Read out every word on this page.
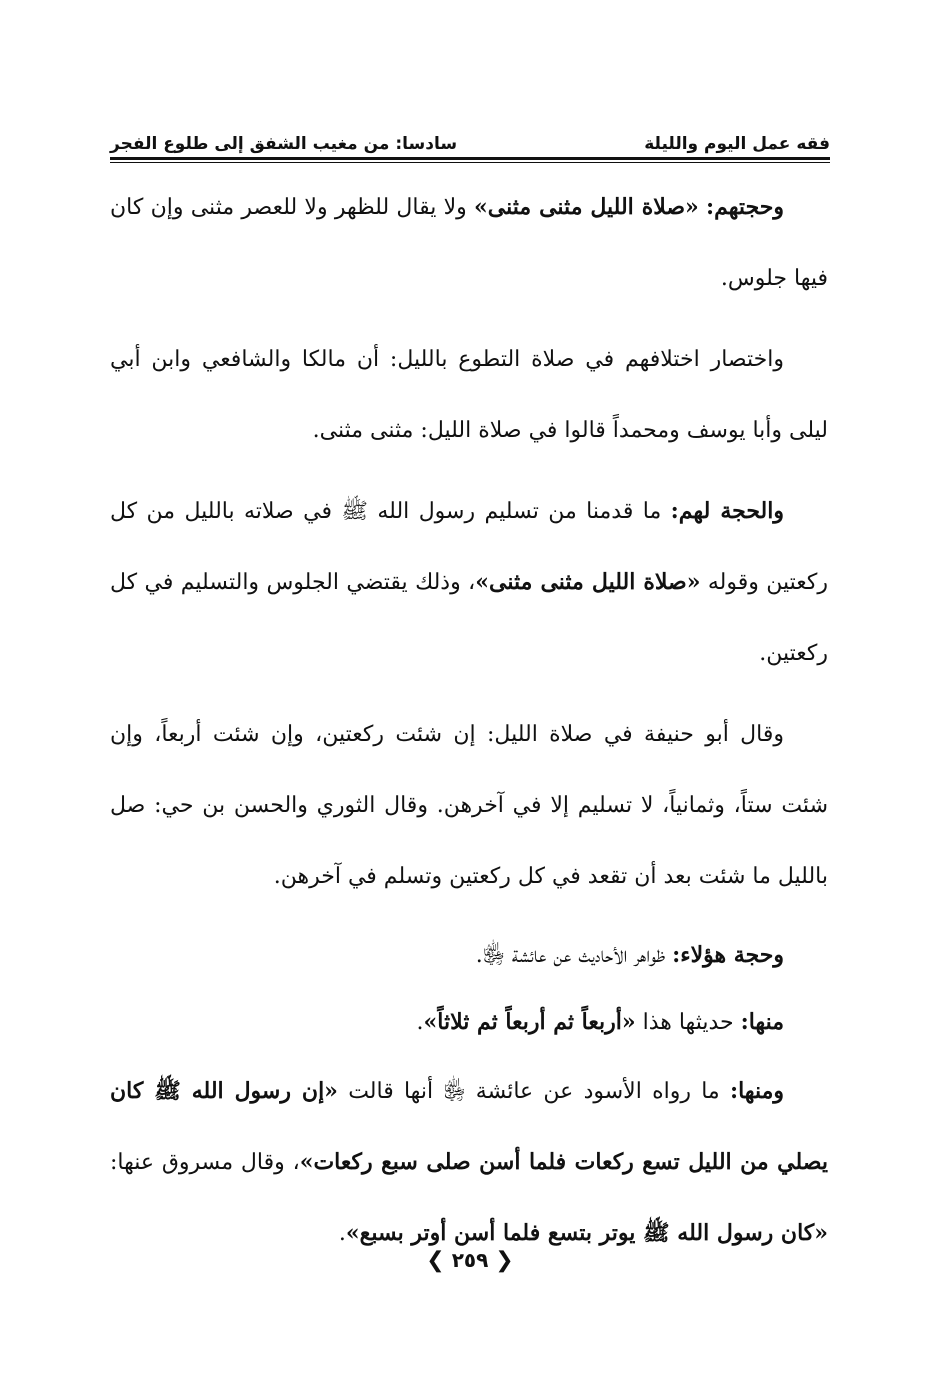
فقه عمل اليوم والليلة
سادسا: من مغيب الشفق إلى طلوع الفجر

وحجتهم: «صلاة الليل مثنى مثنى» ولا يقال للظهر ولا للعصر مثنى وإن كان فيها جلوس.

واختصار اختلافهم في صلاة التطوع بالليل: أن مالكا والشافعي وابن أبي ليلى وأبا يوسف ومحمداً قالوا في صلاة الليل: مثنى مثنى.

والحجة لهم: ما قدمنا من تسليم رسول الله ﷺ في صلاته بالليل من كل ركعتين وقوله «صلاة الليل مثنى مثنى»، وذلك يقتضي الجلوس والتسليم في كل ركعتين.

وقال أبو حنيفة في صلاة الليل: إن شئت ركعتين، وإن شئت أربعاً، وإن شئت ستاً، وثمانياً، لا تسليم إلا في آخرهن. وقال الثوري والحسن بن حي: صل بالليل ما شئت بعد أن تقعد في كل ركعتين وتسلم في آخرهن.

وحجة هؤلاء: ظواهر الأحاديث عن عائشة ﵂.

منها: حديثها هذا «أربعاً ثم أربعاً ثم ثلاثاً».

ومنها: ما رواه الأسود عن عائشة ﵂ أنها قالت «إن رسول الله ﷺ كان يصلي من الليل تسع ركعات فلما أسن صلى سبع ركعات»، وقال مسروق عنها: «كان رسول الله ﷺ يوتر بتسع فلما أسن أوتر بسبع».

❮ ٢٥٩ ❯
